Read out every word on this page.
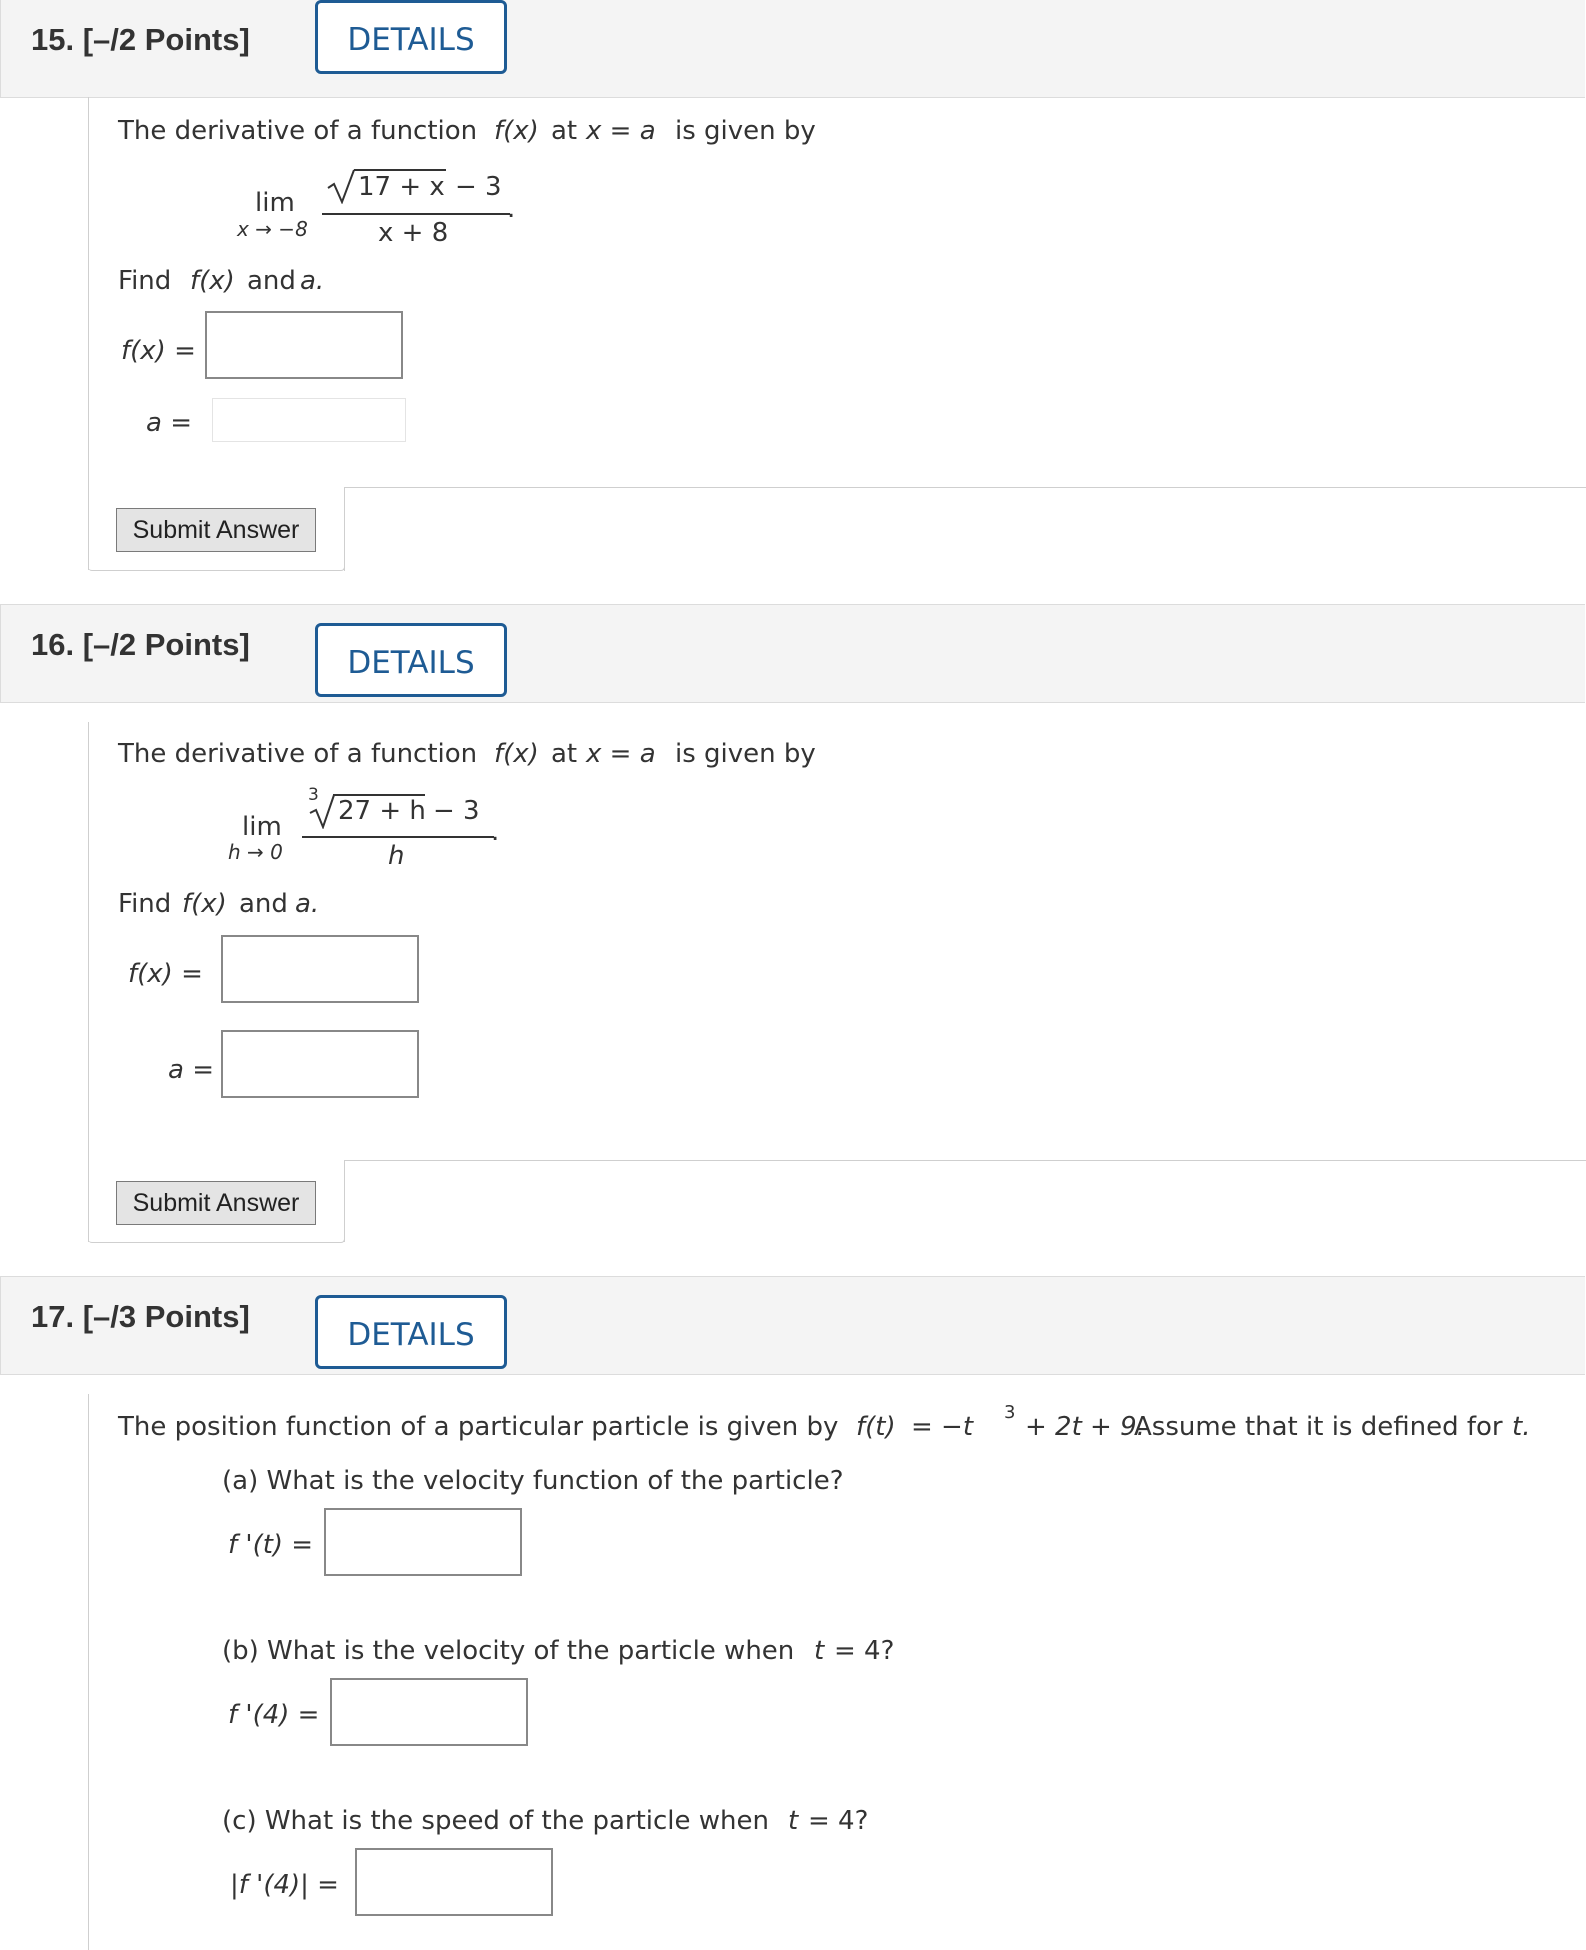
15. [–/2 Points]	DETAILS
The derivative of a function f(x) at x = a is given by
lim
x → −8
17 + x − 3
.
x + 8
Find f(x) and a.
f(x) =
a =
Submit Answer
16. [–/2 Points]
DETAILS
The derivative of a function f(x) at x = a is given by
lim
h → 0
3
27 + h − 3
.
h
Find f(x) and a.
f(x) =
a =
Submit Answer
17. [–/3 Points]
DETAILS
The position function of a particular particle is given by f(t) = −t 3 + 2t + 9.
Assume that it is defined for t.
(a) What is the velocity function of the particle?
f '(t) =
(b) What is the velocity of the particle when t = 4?
f '(4) =
(c) What is the speed of the particle when t = 4?
|f '(4)| =
